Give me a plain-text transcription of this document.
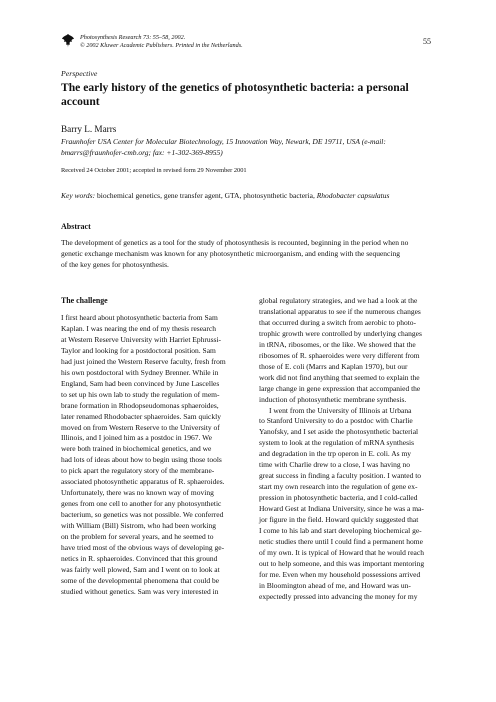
Photosynthesis Research 73: 55–58, 2002.
© 2002 Kluwer Academic Publishers. Printed in the Netherlands.	55
Perspective
The early history of the genetics of photosynthetic bacteria: a personal
account
Barry L. Marrs
Fraunhofer USA Center for Molecular Biotechnology, 15 Innovation Way, Newark, DE 19711, USA (e-mail:
bmarrs@fraunhofer-cmb.org; fax: +1-302-369-8955)
Received 24 October 2001; accepted in revised form 29 November 2001
Key words: biochemical genetics, gene transfer agent, GTA, photosynthetic bacteria, Rhodobacter capsulatus
Abstract
The development of genetics as a tool for the study of photosynthesis is recounted, beginning in the period when no
genetic exchange mechanism was known for any photosynthetic microorganism, and ending with the sequencing
of the key genes for photosynthesis.
The challenge
I first heard about photosynthetic bacteria from Sam
Kaplan. I was nearing the end of my thesis research
at Western Reserve University with Harriet Ephrussi-
Taylor and looking for a postdoctoral position. Sam
had just joined the Western Reserve faculty, fresh from
his own postdoctoral with Sydney Brenner. While in
England, Sam had been convinced by June Lascelles
to set up his own lab to study the regulation of mem-
brane formation in Rhodopseudomonas sphaeroides,
later renamed Rhodobacter sphaeroides. Sam quickly
moved on from Western Reserve to the University of
Illinois, and I joined him as a postdoc in 1967. We
were both trained in biochemical genetics, and we
had lots of ideas about how to begin using those tools
to pick apart the regulatory story of the membrane-
associated photosynthetic apparatus of R. sphaeroides.
Unfortunately, there was no known way of moving
genes from one cell to another for any photosynthetic
bacterium, so genetics was not possible. We conferred
with William (Bill) Sistrom, who had been working
on the problem for several years, and he seemed to
have tried most of the obvious ways of developing ge-
netics in R. sphaeroides. Convinced that this ground
was fairly well plowed, Sam and I went on to look at
some of the developmental phenomena that could be
studied without genetics. Sam was very interested in
global regulatory strategies, and we had a look at the
translational apparatus to see if the numerous changes
that occurred during a switch from aerobic to photo-
trophic growth were controlled by underlying changes
in tRNA, ribosomes, or the like. We showed that the
ribosomes of R. sphaeroides were very different from
those of E. coli (Marrs and Kaplan 1970), but our
work did not find anything that seemed to explain the
large change in gene expression that accompanied the
induction of photosynthetic membrane synthesis.
I went from the University of Illinois at Urbana
to Stanford University to do a postdoc with Charlie
Yanofsky, and I set aside the photosynthetic bacterial
system to look at the regulation of mRNA synthesis
and degradation in the trp operon in E. coli. As my
time with Charlie drew to a close, I was having no
great success in finding a faculty position. I wanted to
start my own research into the regulation of gene ex-
pression in photosynthetic bacteria, and I cold-called
Howard Gest at Indiana University, since he was a ma-
jor figure in the field. Howard quickly suggested that
I come to his lab and start developing biochemical ge-
netic studies there until I could find a permanent home
of my own. It is typical of Howard that he would reach
out to help someone, and this was important mentoring
for me. Even when my household possessions arrived
in Bloomington ahead of me, and Howard was un-
expectedly pressed into advancing the money for my
